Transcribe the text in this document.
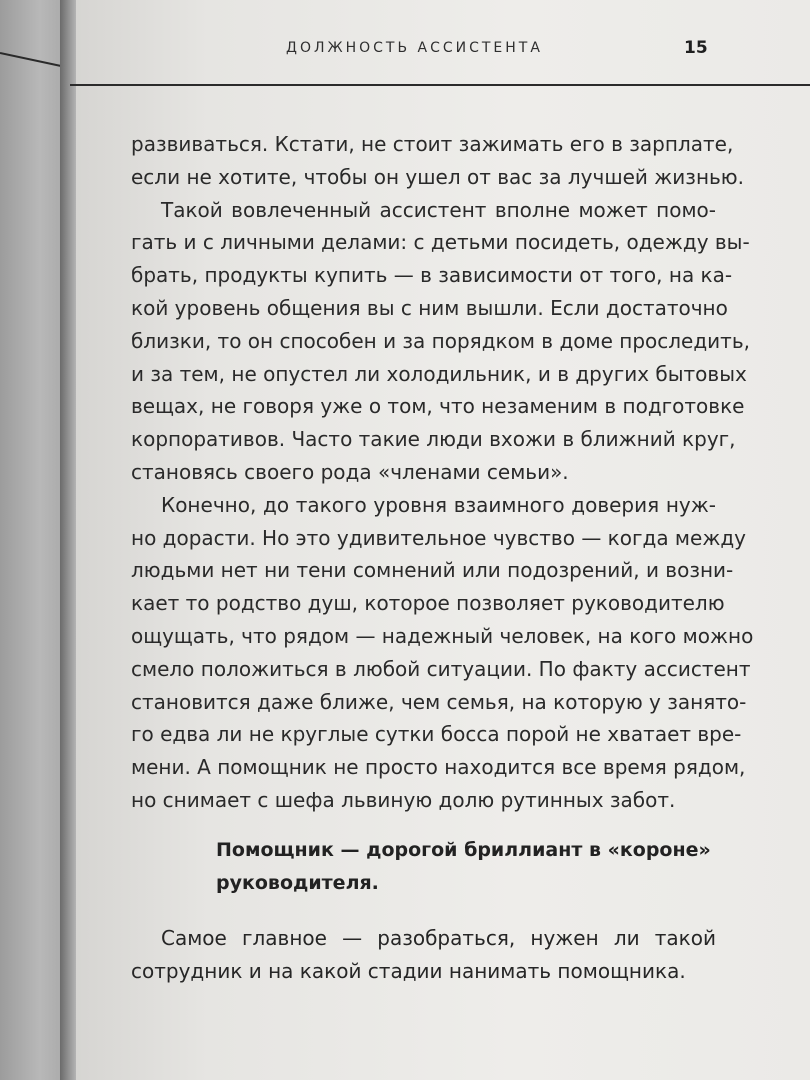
ДОЛЖНОСТЬ АССИСТЕНТА	15
развиваться. Кстати, не стоит зажимать его в зарплате,
если не хотите, чтобы он ушел от вас за лучшей жизнью.
Такой вовлеченный ассистент вполне может помо-
гать и с личными делами: с детьми посидеть, одежду вы-
брать, продукты купить — в зависимости от того, на ка-
кой уровень общения вы с ним вышли. Если достаточно
близки, то он способен и за порядком в доме проследить,
и за тем, не опустел ли холодильник, и в других бытовых
вещах, не говоря уже о том, что незаменим в подготовке
корпоративов. Часто такие люди вхожи в ближний круг,
становясь своего рода «членами семьи».
Конечно, до такого уровня взаимного доверия нуж-
но дорасти. Но это удивительное чувство — когда между
людьми нет ни тени сомнений или подозрений, и возни-
кает то родство душ, которое позволяет руководителю
ощущать, что рядом — надежный человек, на кого можно
смело положиться в любой ситуации. По факту ассистент
становится даже ближе, чем семья, на которую у занято-
го едва ли не круглые сутки босса порой не хватает вре-
мени. А помощник не просто находится все время рядом,
но снимает с шефа львиную долю рутинных забот.
Помощник — дорогой бриллиант в «короне»
руководителя.
Самое главное — разобраться, нужен ли такой
сотрудник и на какой стадии нанимать помощника.
